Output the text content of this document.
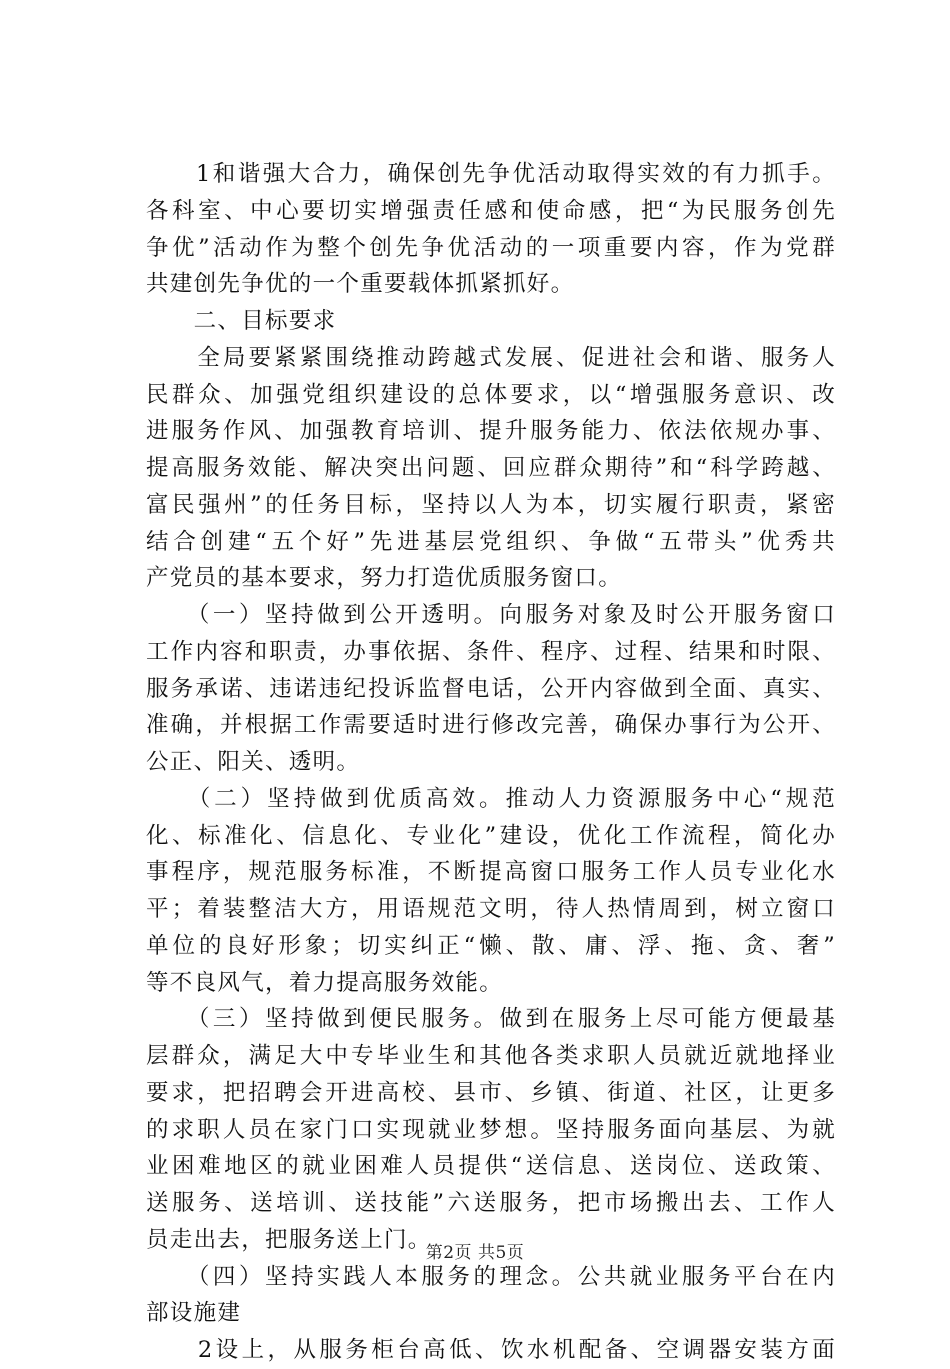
　　1和谐强大合力，确保创先争优活动取得实效的有力抓手。
各科室、中心要切实增强责任感和使命感，把“为民服务创先
争优”活动作为整个创先争优活动的一项重要内容，作为党群
共建创先争优的一个重要载体抓紧抓好。
　　二、目标要求
　　全局要紧紧围绕推动跨越式发展、促进社会和谐、服务人
民群众、加强党组织建设的总体要求，以“增强服务意识、改
进服务作风、加强教育培训、提升服务能力、依法依规办事、
提高服务效能、解决突出问题、回应群众期待”和“科学跨越、
富民强州”的任务目标，坚持以人为本，切实履行职责，紧密
结合创建“五个好”先进基层党组织、争做“五带头”优秀共
产党员的基本要求，努力打造优质服务窗口。
　　（一）坚持做到公开透明。向服务对象及时公开服务窗口
工作内容和职责，办事依据、条件、程序、过程、结果和时限、
服务承诺、违诺违纪投诉监督电话，公开内容做到全面、真实、
准确，并根据工作需要适时进行修改完善，确保办事行为公开、
公正、阳关、透明。
　　（二）坚持做到优质高效。推动人力资源服务中心“规范
化、标准化、信息化、专业化”建设，优化工作流程，简化办
事程序，规范服务标准，不断提高窗口服务工作人员专业化水
平；着装整洁大方，用语规范文明，待人热情周到，树立窗口
单位的良好形象；切实纠正“懒、散、庸、浮、拖、贪、奢”
等不良风气，着力提高服务效能。
　　（三）坚持做到便民服务。做到在服务上尽可能方便最基
层群众，满足大中专毕业生和其他各类求职人员就近就地择业
要求，把招聘会开进高校、县市、乡镇、街道、社区，让更多
的求职人员在家门口实现就业梦想。坚持服务面向基层、为就
业困难地区的就业困难人员提供“送信息、送岗位、送政策、
送服务、送培训、送技能”六送服务，把市场搬出去、工作人
员走出去，把服务送上门。
　　（四）坚持实践人本服务的理念。公共就业服务平台在内
部设施建
　　2设上，从服务柜台高低、饮水机配备、空调器安装方面
第2页 共5页
